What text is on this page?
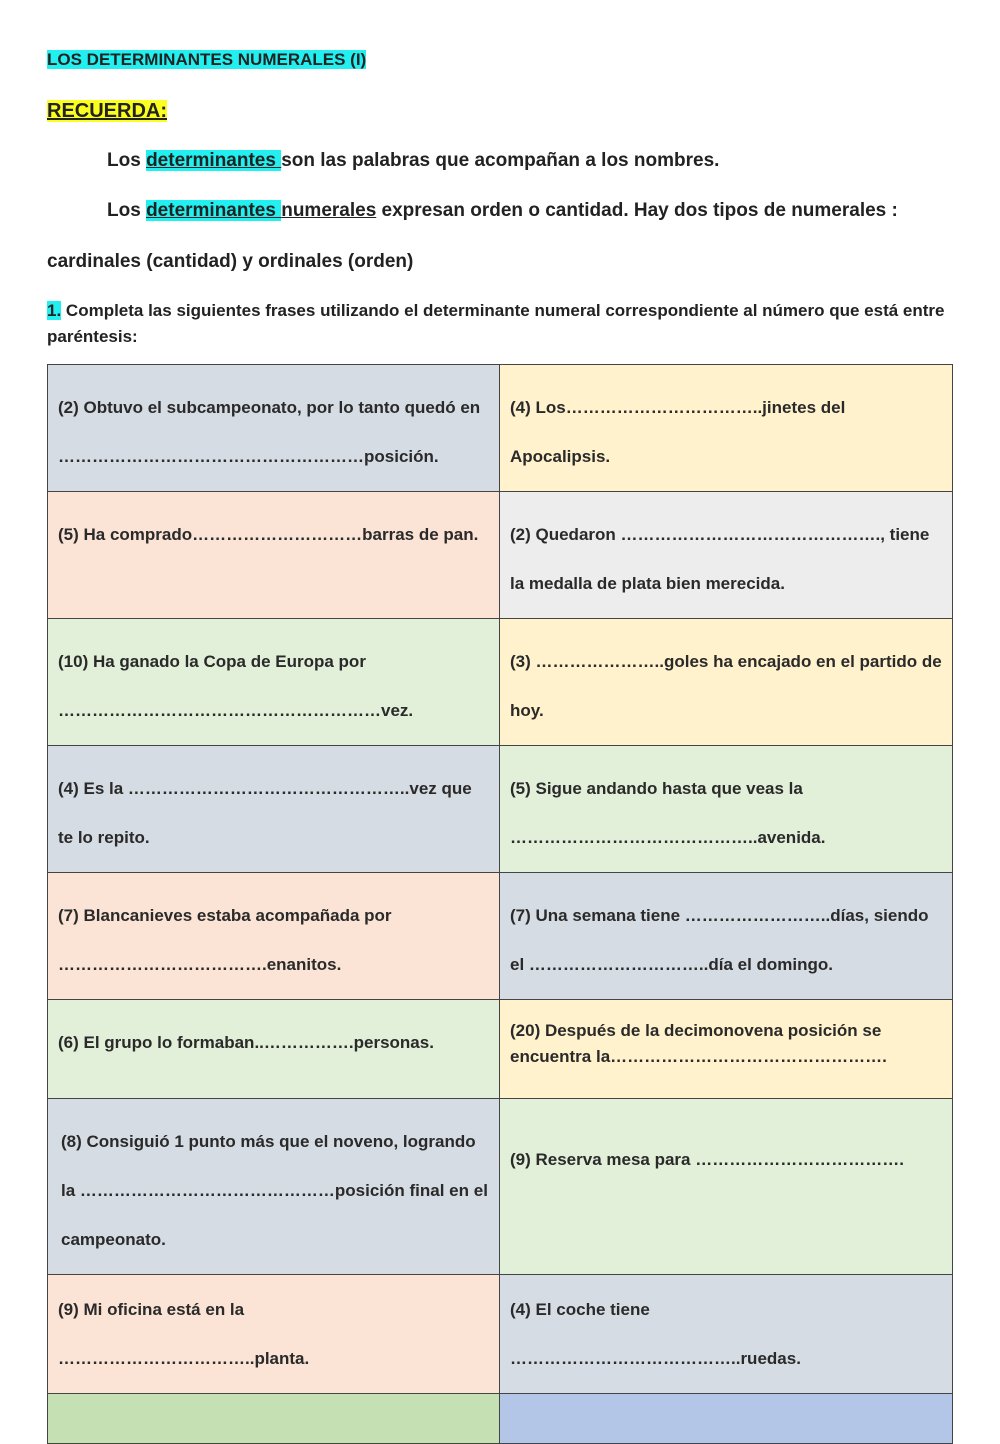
LOS DETERMINANTES NUMERALES (I)
RECUERDA:
Los determinantes son las palabras que acompañan a los nombres.
Los determinantes numerales expresan orden o cantidad. Hay dos tipos de numerales :
cardinales (cantidad) y ordinales (orden)
1. Completa las siguientes frases utilizando el determinante numeral correspondiente al número que está entre paréntesis:
(2) Obtuvo el subcampeonato, por lo tanto quedó en ………………………………………………posición.	(4) Los……………………………..jinetes del Apocalipsis.
(5) Ha comprado…………………………barras de pan.	(2) Quedaron ………………………………………., tiene la medalla de plata bien merecida.
(10) Ha ganado la Copa de Europa por …………………………………………………vez.	(3) …………………..goles ha encajado en el partido de hoy.
(4) Es la …………………………………………..vez que te lo repito.	(5) Sigue andando hasta que veas la ……………………………………..avenida.
(7) Blancanieves estaba acompañada por ……………………………….enanitos.	(7) Una semana tiene ……………………..días, siendo el …………………………..día el domingo.
(6) El grupo lo formaban..…………….personas.	(20) Después de la decimonovena posición se encuentra la………………………………………….
(8) Consiguió 1 punto más que el noveno, logrando la ………………………………………posición final en el campeonato.	(9) Reserva mesa para ……………………………….
(9) Mi oficina está en la ……………………………..planta.	(4) El coche tiene …………………………………..ruedas.
